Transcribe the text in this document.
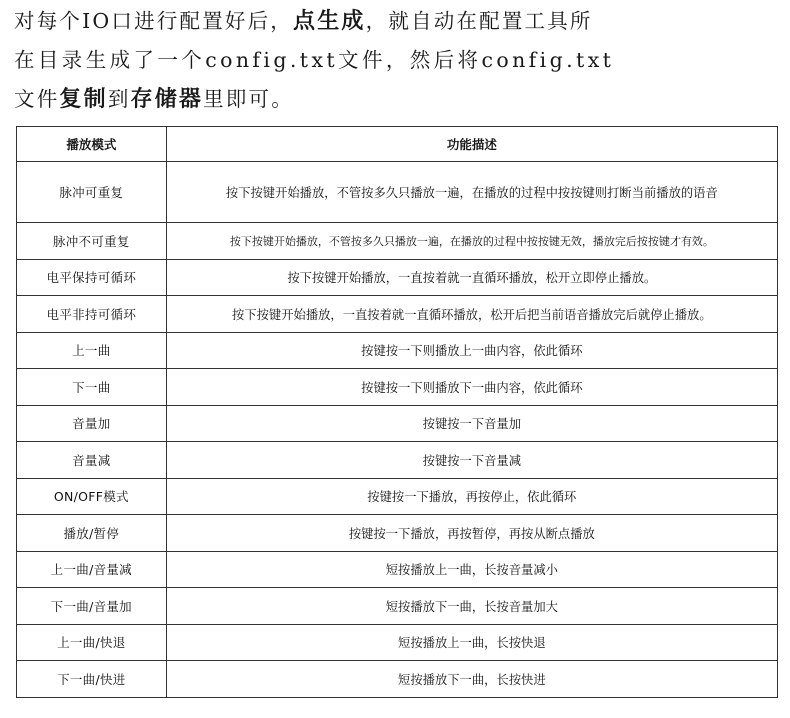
对每个IO口进行配置好后，点生成，就自动在配置工具所
在目录生成了一个config.txt文件，然后将config.txt
文件复制到存储器里即可。
播放模式	功能描述
脉冲可重复	按下按键开始播放，不管按多久只播放一遍，在播放的过程中按按键则打断当前播放的语音
脉冲不可重复	按下按键开始播放，不管按多久只播放一遍，在播放的过程中按按键无效，播放完后按按键才有效。
电平保持可循环	按下按键开始播放，一直按着就一直循环播放，松开立即停止播放。
电平非持可循环	按下按键开始播放，一直按着就一直循环播放，松开后把当前语音播放完后就停止播放。
上一曲	按键按一下则播放上一曲内容，依此循环
下一曲	按键按一下则播放下一曲内容，依此循环
音量加	按键按一下音量加
音量减	按键按一下音量减
ON/OFF模式	按键按一下播放，再按停止，依此循环
播放/暂停	按键按一下播放，再按暂停，再按从断点播放
上一曲/音量减	短按播放上一曲，长按音量减小
下一曲/音量加	短按播放下一曲，长按音量加大
上一曲/快退	短按播放上一曲，长按快退
下一曲/快进	短按播放下一曲，长按快进
